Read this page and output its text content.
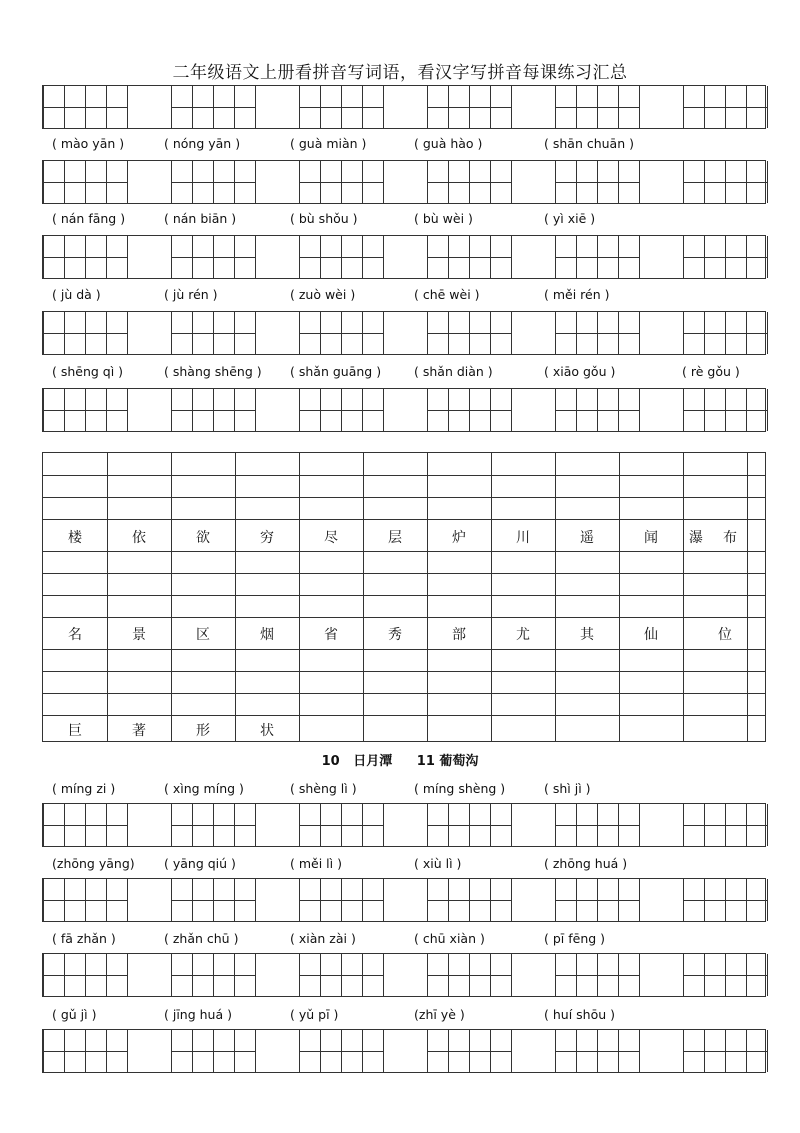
二年级语文上册看拼音写词语，看汉字写拼音每课练习汇总
( mào yān )	( nóng yān )	( guà miàn )	( guà hào )	( shān chuān )
( nán fāng )	( nán biān )	( bù shǒu )	( bù wèi )	( yì xiē )
( jù dà )	( jù rén )	( zuò wèi )	( chē wèi )	( měi rén )
( shēng qì )	( shàng shēng ) ( shǎn guāng )	( shǎn diàn )	( xiāo gǒu )	( rè gǒu )
楼	依	欲	穷	尽	层	炉	川	遥	闻	瀑	布
名	景	区	烟	省	秀	部	尤	其	仙	位
巨	著	形	状
10 日月潭 11 葡萄沟
( míng zi )	( xìng míng )	( shèng lì )	( míng shèng )	( shì jì )
(zhōng yāng) ( yāng qiú )	( měi lì )	( xiù lì )	( zhōng huá )
( fā zhǎn )	( zhǎn chū )	( xiàn zài )	( chū xiàn )	( pī fēng )
( gǔ jì )	( jīng huá )	( yǔ pī )	(zhī yè )	( huí shōu )
